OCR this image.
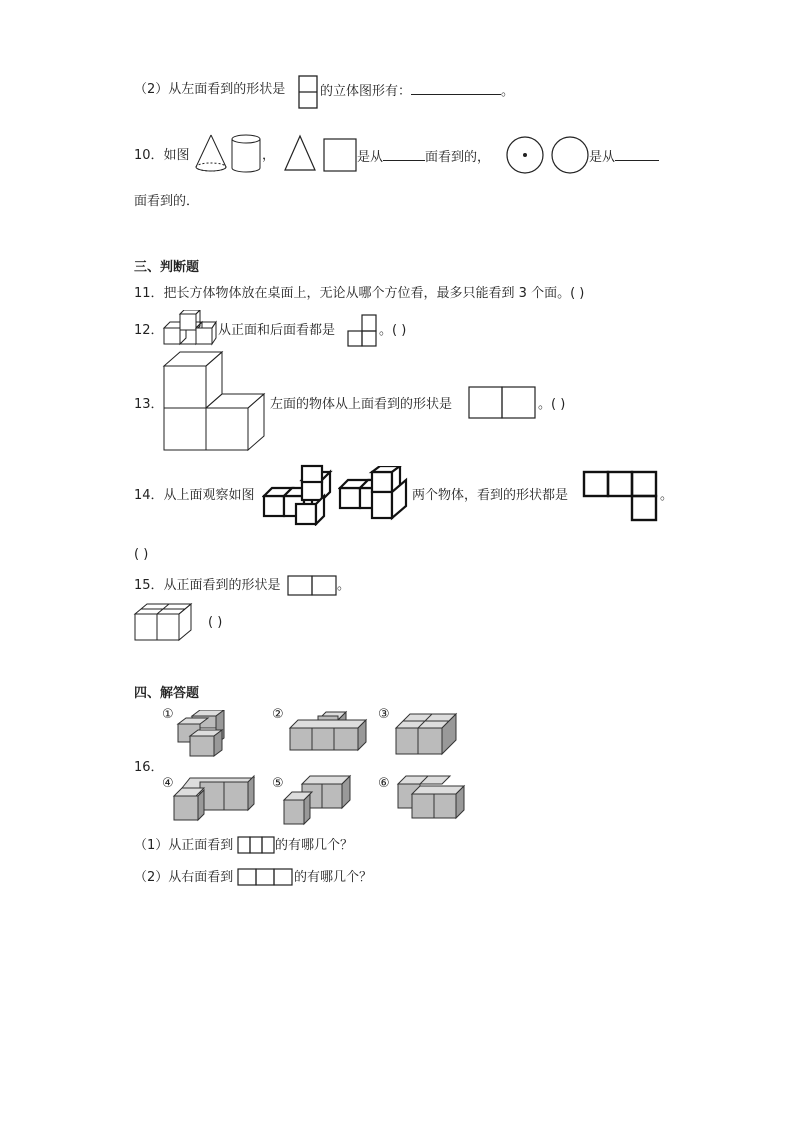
（2）从左面看到的形状是	的立体图形有：	。
10．如图	，	是从	面看到的，	是从
面看到的．
三、判断题
11．把长方体物体放在桌面上，无论从哪个方位看，最多只能看到 3 个面。( )
12．	从正面和后面看都是	。( )
13．	左面的物体从上面看到的形状是	。( )
14．从上面观察如图	两个物体，看到的形状都是	。
( )
15．从正面看到的形状是	。
( )
四、解答题
16．
①	②	③
④	⑤	⑥
（1）从正面看到	的有哪几个？
（2）从右面看到	的有哪几个？
